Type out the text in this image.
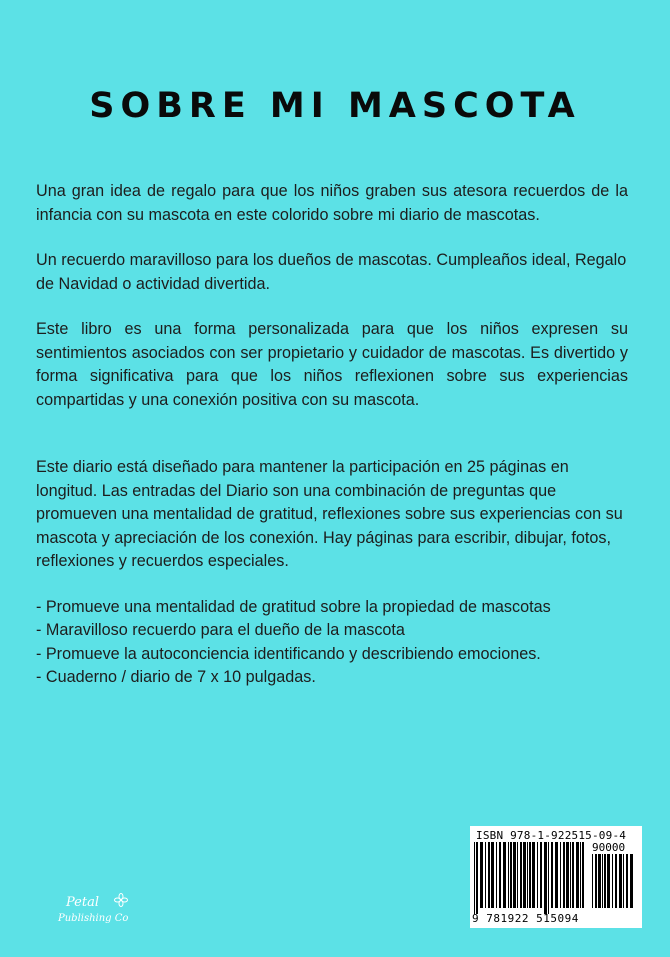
SOBRE MI MASCOTA

Una gran idea de regalo para que los niños graben sus atesora recuerdos de la infancia con su mascota en este colorido sobre mi diario de mascotas.

Un recuerdo maravilloso para los dueños de mascotas. Cumpleaños ideal, Regalo de Navidad o actividad divertida.

Este libro es una forma personalizada para que los niños expresen su sentimientos asociados con ser propietario y cuidador de mascotas. Es divertido y forma significativa para que los niños reflexionen sobre sus experiencias compartidas y una conexión positiva con su mascota.

Este diario está diseñado para mantener la participación en 25 páginas en longitud. Las entradas del Diario son una combinación de preguntas que promueven una mentalidad de gratitud, reflexiones sobre sus experiencias con su mascota y apreciación de los conexión. Hay páginas para escribir, dibujar, fotos, reflexiones y recuerdos especiales.

- Promueve una mentalidad de gratitud sobre la propiedad de mascotas
- Maravilloso recuerdo para el dueño de la mascota
- Promueve la autoconciencia identificando y describiendo emociones.
- Cuaderno / diario de 7 x 10 pulgadas.
Petal
Publishing Co
ISBN 978-1-922515-09-4
90000
9 781922 515094
